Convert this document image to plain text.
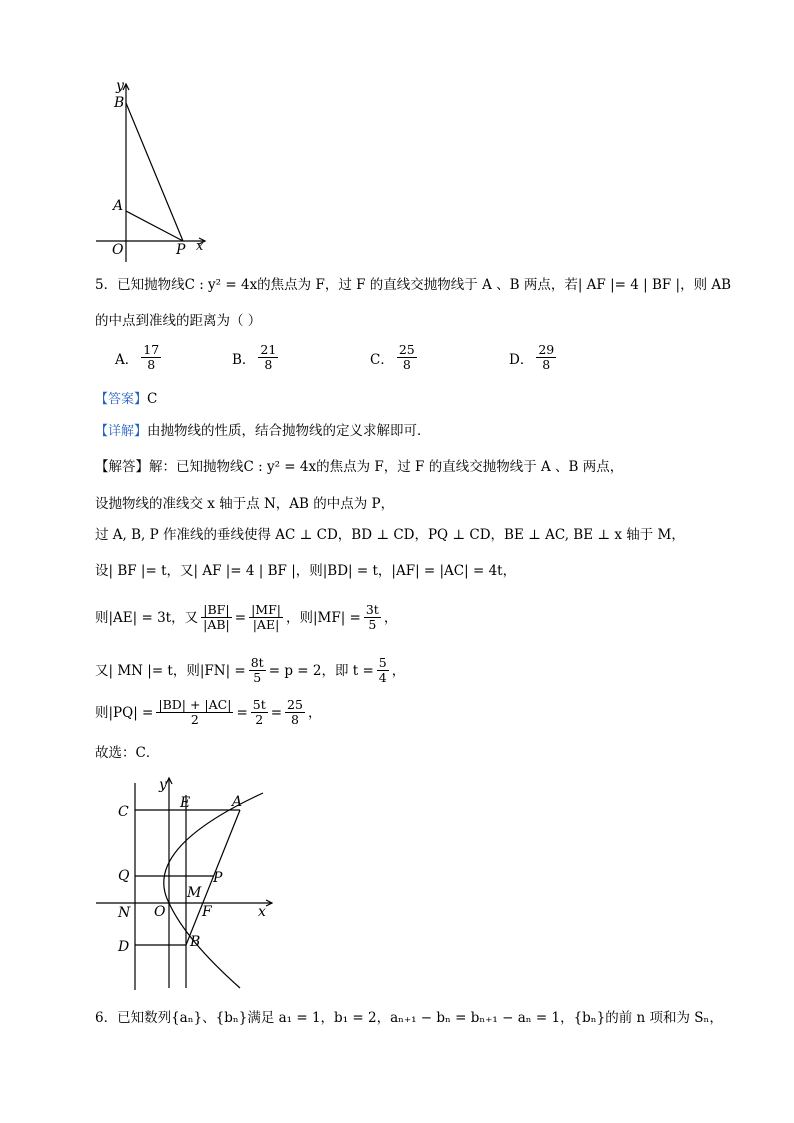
y
B
A
O	P x
5．已知抛物线C : y² = 4x的焦点为 F，过 F 的直线交抛物线于 A 、B 两点，若| AF |= 4 | BF |，则 AB
的中点到准线的距离为（ ）
A． $\frac{17}{8}$	B． $\frac{21}{8}$	C． $\frac{25}{8}$	D． $\frac{29}{8}$
【答案】C
【详解】由抛物线的性质，结合抛物线的定义求解即可．
【解答】解：已知抛物线C : y² = 4x的焦点为 F，过 F 的直线交抛物线于 A 、B 两点，
设抛物线的准线交 x 轴于点 N，AB 的中点为 P，
过 A, B, P 作准线的垂线使得 AC ⊥ CD，BD ⊥ CD，PQ ⊥ CD，BE ⊥ AC, BE ⊥ x 轴于 M，
设| BF |= t，又| AF |= 4 | BF |，则|BD| = t，|AF| = |AC| = 4t，
则|AE| = 3t，又 $\frac{|BF|}{|AB|} = \frac{|MF|}{|AE|}$ ，则$|MF| = \frac{3t}{5}$ ，
又| MN |= t，则$|FN| = \frac{8t}{5} = p = 2$，即 $t = \frac{5}{4}$ ，
则$|PQ| = \frac{|BD| + |AC|}{2} = \frac{5t}{2} = \frac{25}{8}$ ，
故选：C．
y
x
C
E	A
Q	P
M
N O	F
D	B
6．已知数列{aₙ}、{bₙ}满足 a₁ = 1，b₁ = 2，aₙ₊₁ − bₙ = bₙ₊₁ − aₙ = 1，{bₙ}的前 n 项和为 Sₙ，
